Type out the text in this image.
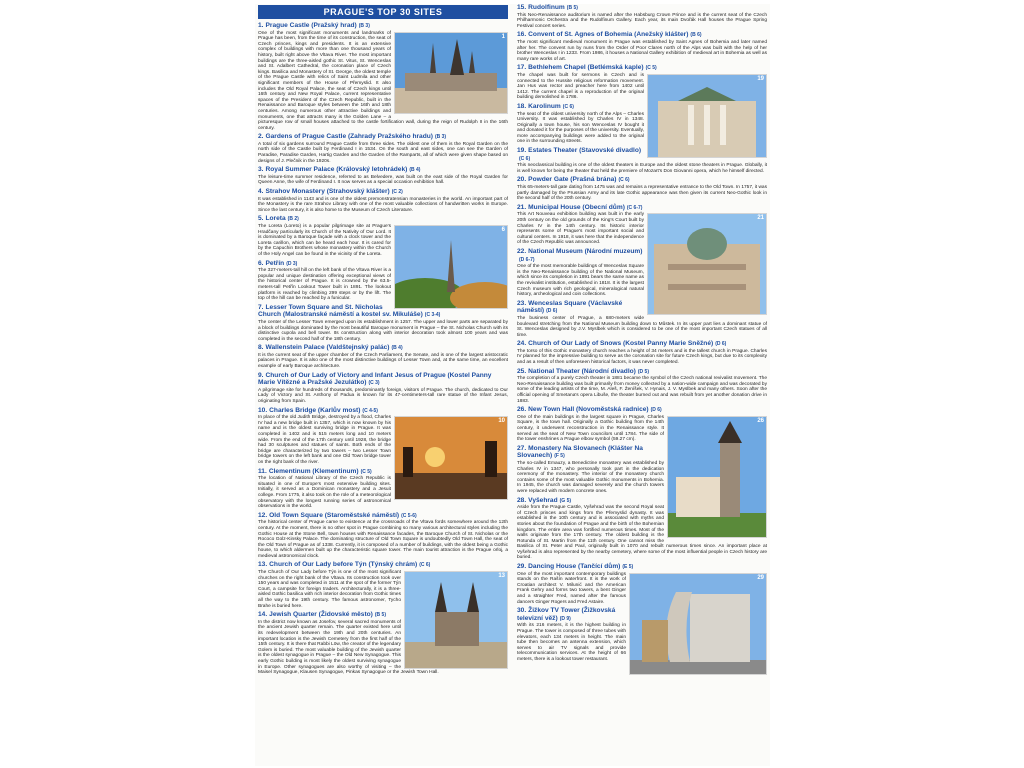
PRAGUE'S TOP 30 SITES
1. Prague Castle (Pražský hrad) (B 3)
1

One of the most significant monuments and landmarks of Prague has been, from the time of its construction, the seat of Czech princes, kings and presidents. It is an extensive complex of buildings with more than one thousand years of history, built right above the Vltava River. The most important buildings are the three-aisled gothic St. Vitus, St. Wenceslas and St. Adalbert Cathedral, the coronation place of Czech kings. Basilica and Monastery of St. George, the oldest temple of the Prague Castle with relics of Saint Ludmila and other significant members of the House of Přemyslid. It also includes the Old Royal Palace, the seat of Czech kings until 16th century and New Royal Palace, current representative spaces of the President of the Czech Republic, built in the Renaissance and Baroque styles between the 16th and 18th centuries. Among numerous other attractive buildings and monuments, one that attracts many is the Golden Lane – a picturesque row of small houses attached to the castle fortification wall, during the reign of Rudolph II in the 16th century.

2. Gardens of Prague Castle (Zahrady Pražského hradu) (B 3)

A total of six gardens surround Prague Castle from three sides. The oldest one of them is the Royal Garden on the north side of the Castle built by Ferdinand I in 1534. On the south and east sides, one can see the Garden of Paradise, Paradise Garden, Hartig Garden and the Garden of the Ramparts, all of which were given shape based on designs of J. Plečnik in the 1920s.

3. Royal Summer Palace (Královský letohrádek) (B 4)

The leisure-time summer residence, referred to as Belvedere, was built on the east side of the Royal Garden for Queen Anne, the wife of Ferdinand I. It now serves as a special occasion exhibition hall.

4. Strahov Monastery (Strahovský klášter) (C 2)

It was established in 1143 and is one of the oldest premonstratensian monasteries in the world. An important part of the Monastery is the rare Strahov Library with one of the most valuable collections of handwritten works in Europe. Since the last century, it is also home to the Museum of Czech Literature.

5. Loreta (B 2)
6

The Loreta (Loreto) is a popular pilgrimage site at Prague's Hradčany particularly its Church of the Nativity of Our Lord. It is dominated by a Baroque façade with a clock tower and the Loreta carillon, which can be heard each hour. It is cared for by the Capuchin Brothers whose monastery within the Church of the Holy Angel can be found in the vicinity of the Loreta.

6. Petřín (D 3)

The 327-meters-tall hill on the left bank of the Vltava River is a popular and unique destination offering exceptional views of the historical center of Prague. It is crowned by the 63.5-meters-tall Petřín Lookout Tower built in 1891. The lookout platform is reached by climbing 299 steps or by the lift. The top of the hill can be reached by a funicular.

7. Lesser Town Square and St. Nicholas Church (Malostranské náměstí a kostel sv. Mikuláše) (C 3-4)

The center of the Lesser Town emerged upon its establishment in 1257. The upper and lower parts are separated by a block of buildings dominated by the most beautiful Baroque monument in Prague – the St. Nicholas Church with its distinctive cupola and bell tower. Its construction along with interior decoration took almost 100 years and was completed in the second half of the 18th century.

8. Wallenstein Palace (Valdštejnský palác) (B 4)

It is the current seat of the upper chamber of the Czech Parliament, the Senate, and is one of the largest aristocratic palaces in Prague. It is also one of the most distinctive buildings of Lesser Town and, at the same time, an excellent example of early Baroque architecture.

9. Church of Our Lady of Victory and Infant Jesus of Prague (Kostel Panny Marie Vítězné a Pražské Jezulátko) (C 3)

A pilgrimage site for hundreds of thousands, predominantly foreign, visitors of Prague. The church, dedicated to Our Lady of Victory and St. Anthony of Padua is known for its 47-centimeters-tall rare statue of the Infant Jesus, originating from Spain.

10. Charles Bridge (Karlův most) (C 4-5)
10

In place of the old Judith Bridge, destroyed by a flood, Charles IV had a new bridge built in 1357, which is now known by his name and is the oldest surviving bridge in Prague. It was completed in 1402 and is 515 meters long and 10 meters wide. From the end of the 17th century until 1928, the bridge had 30 sculptures and statues of saints. Both ends of the bridge are characterized by two towers – two Lesser Town bridge towers on the left bank and one Old Town bridge tower on the right bank of the river.

11. Clementinum (Klementinum) (C 5)

The location of National Library of the Czech Republic is situated in one of Europe's most extensive building sites. Initially, it served as a Dominican monastery and a Jesuit college. From 1775, it also took on the role of a meteorological observatory with the longest running series of astronomical observations in the world.

12. Old Town Square (Staroměstské náměstí) (C 5-6)

The historical center of Prague came to existence at the crossroads of the Vltava fords somewhere around the 12th century. At the moment, there is no other spot in Prague combining so many various architectural styles including the Gothic House at the Stone Bell, town houses with Renaissance facades, the Baroque Church of St. Nicholas or the Rococo Golz-Kinsky Palace. The dominating structure of Old Town Square is undoubtedly Old Town Hall, the seat of the Old Town of Prague as of 1338. Currently, it is composed of a number of buildings, with the oldest being a Gothic house, to which aldermen built up the characteristic square tower. The main tourist attraction is the Prague orloj, a medieval astronomical clock.

13. Church of Our Lady before Týn (Týnský chrám) (C 6)
13

The Church of Our Lady before Týn is one of the most significant churches on the right bank of the Vltava. Its construction took over 150 years and was completed in 1511 at the spot of the former Týn Court, a campsite for foreign traders. Architecturally, it is a three-aisled Gothic basilica with rich interior decoration from Gothic times all the way to the 19th century. The famous astronomer, Tycho Brahe is buried here.

14. Jewish Quarter (Židovské město) (B 5)

In the district now known as Josefov, several sacred monuments of the ancient Jewish quarter remain. The quarter existed here until its redevelopment between the 19th and 20th centuries. An important location is the Jewish Cemetery from the first half of the 15th century. It is there that Rabbi Löw, the creator of the legendary Golem is buried. The most valuable building of the Jewish quarter is the oldest synagogue in Prague – the Old New Synagogue. This early Gothic building is most likely the oldest surviving synagogue in Europe. Other synagogues are also worthy of visiting – the Maisel Synagogue, Klausen Synagogue, Pinkas Synagogue or the Jewish Town Hall.

15. Rudolfinum (B 5)

This Neo-Renaissance auditorium is named after the Habsburg Crown Prince and is the current seat of the Czech Philharmonic Orchestra and the Rudolfinum Gallery. Each year, its main Dvořák Hall houses the Prague Spring Festival concert series.

16. Convent of St. Agnes of Bohemia (Anežský klášter) (B 6)

The most significant medieval monument in Prague was established by Saint Agnes of Bohemia and later named after her. The convent run by nuns from the Order of Poor Clares north of the Alps was built with the help of her brother Wenceslas I in 1233. From 1986, it houses a National Gallery exhibition of medieval art in Bohemia as well as many rare works of art.

17. Bethlehem Chapel (Betlémská kaple) (C 5)
19

The chapel was built for sermons in Czech and is connected to the Hussite religious reformation movement. Jan Hus was rector and preacher here from 1402 until 1412. The current chapel is a reproduction of the original building demolished in 1786.

18. Karolinum (C 6)

The seat of the oldest university north of the Alps – Charles University. It was established by Charles IV in 1348. Originally a town house, his son Wenceslas IV bought it and donated it for the purposes of the university. Eventually, more accompanying buildings were added to the original one in the surrounding streets.

19. Estates Theater (Stavovské divadlo)(C 6)

This neoclassical building is one of the oldest theaters in Europe and the oldest stone theaters in Prague. Globally, it is well known for being the theater that held the premiere of Mozart's Don Giovanni opera, which he himself directed.

20. Powder Gate (Prašná brána) (C 6)

This 65-meters-tall gate dating from 1475 was and remains a representative entrance to the Old Town. In 1757, it was partly damaged by the Prussian Army and its late Gothic appearance was then given its current Neo-Gothic look in the second half of the 20th century.

21. Municipal House (Obecní dům) (C 6-7)
21

This Art Nouveau exhibition building was built in the early 20th century on the old grounds of the King's Court built by Charles IV in the 14th century. Its historic interior represents some of Prague's most important social and cultural centers. In 1918, it was here that the independence of the Czech Republic was announced.

22. National Museum (Národní muzeum)(D 6-7)

One of the most memorable buildings of Wenceslas Square is the Neo-Renaissance building of the National Museum, which since its completion in 1891 bears the same name as the revivalist institution, established in 1818. It is the largest Czech museum with rich geological, mineralogical natural history, archeological and coin collections.

23. Wenceslas Square (Václavské náměstí) (D 6)

The business center of Prague, a 680-meters wide boulevard stretching from the National Museum building down to Můstek. In its upper part lies a dominant statue of St. Wenceslas designed by J.V. Myslbek which is considered to be one of the most important Czech statues of all time.

24. Church of Our Lady of Snows (Kostel Panny Marie Sněžné) (D 6)

The torso of this Gothic monastery church reaches a height of 34 meters and is the tallest church in Prague. Charles IV planned for the impressive building to serve as the coronation site for future Czech kings, but due to its complexity and as a result of then unforeseen historical factors, it was never completed.

25. National Theater (Národní divadlo) (D 5)

The completion of a purely Czech theater in 1881 became the symbol of the Czech national revivalist movement. The Neo-Renaissance building was built primarily from money collected by a nation-wide campaign and was decorated by some of the leading artists of the time, M. Aleš, F. Ženíšek, V. Hynais, J. V. Myslbek and many others. Soon after the official opening of Smetana's opera Libuše, the theater burned out and was rebuilt from yet another donation drive in 1883.

26. New Town Hall (Novoměstská radnice) (D 6)
26

One of the main buildings in the largest square in Prague, Charles Square, is the town hall. Originally a Gothic building from the 14th century, it underwent reconstruction in the Renaissance style. It served as the seat of New Town councilors until 1784. The side of the tower enshrines a Prague elbow symbol (59.27 cm).

27. Monastery Na Slovanech (Klášter Na Slovanech) (F 5)

The so-called Emauzy, a Benedictine monastery was established by Charles IV in 1347, who personally took part in the dedication ceremony of the monastery. The interior of the monastery church contains some of the most valuable Gothic monuments in Bohemia. In 1945, the church was damaged severely and the church towers were replaced with modern concrete ones.

28. Vyšehrad (G 5)

Aside from the Prague Castle, Vyšehrad was the second Royal seat of Czech princes and kings from the Přemyslid dynasty. It was established in the 10th century and is associated with myths and stories about the foundation of Prague and the birth of the Bohemian kingdom. The entire area was fortified numerous times. Most of the walls originate from the 17th century. The oldest building is the Rotunda of St. Martin from the 11th century. One cannot miss the Basilica of St. Peter and Paul, originally built in 1070 and rebuilt numerous times since. An important place at Vyšehrad is also represented by the nearby cemetery, where some of the most influential people in Czech history are buried.

29. Dancing House (Tančící dům) (E 5)
29

One of the most important contemporary buildings stands on the Rašín waterfront. It is the work of Croatian architect V. Milunić and the American Frank Gehry and forms two towers, a bent Ginger and a straighter Fred, named after the famous dancers Ginger Rogers and Fred Astaire.

30. Žižkov TV Tower (Žižkovská televizní věž) (D 9)

With its 216 meters, it is the highest building in Prague. The tower is composed of three tubes with elevators, each 134 meters in height. The main tube then becomes an antenna extension, which serves to air TV signals and provide telecommunication services. At the height of 66 meters, there is a lookout tower restaurant.
